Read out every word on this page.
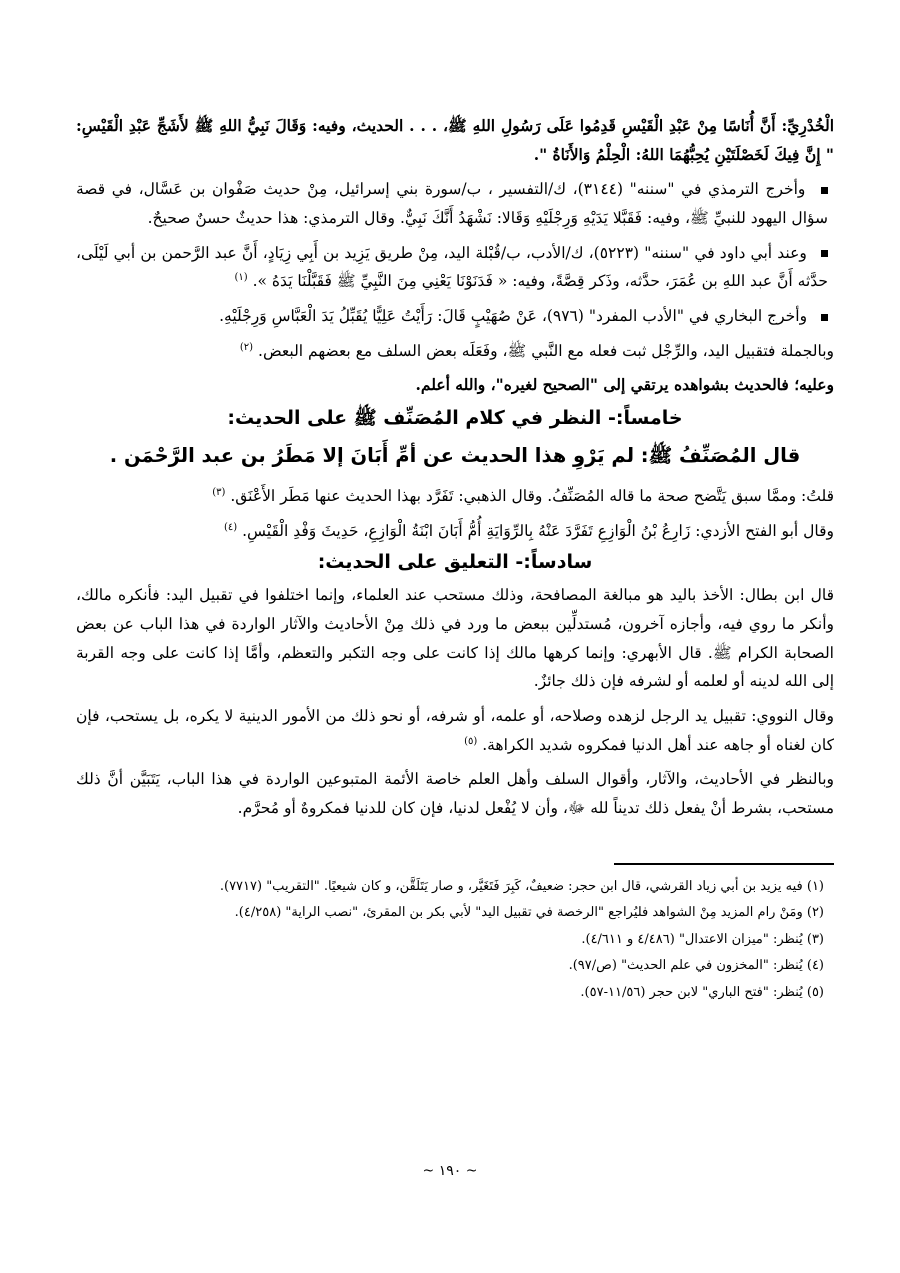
الْخُدْرِيِّ: أَنَّ أُنَاسًا مِنْ عَبْدِ الْقَيْسِ قَدِمُوا عَلَى رَسُولِ اللهِ ﷺ، . . . الحديث، وفيه: وَقَالَ نَبِيُّ اللهِ ﷺ لأَشَجِّ عَبْدِ الْقَيْسِ: " إِنَّ فِيكَ لَخَصْلَتَيْنِ يُحِبُّهُمَا اللهُ: الْحِلْمُ وَالأَنَاةُ ".

وأخرج الترمذي في "سننه" (٣١٤٤)، ك/التفسير ، ب/سورة بني إسرائيل، مِنْ حديث صَفْوان بن عَسَّال، في قصة سؤال اليهود للنبيِّ ﷺ، وفيه: فَقَبَّلا يَدَيْهِ وَرِجْلَيْهِ وَقَالا: نَشْهَدُ أَنَّكَ نَبِيٌّ. وقال الترمذي: هذا حديثٌ حسنٌ صحيحٌ.

وعند أبي داود في "سننه" (٥٢٢٣)، ك/الأدب، ب/قُبْلة اليد، مِنْ طريق يَزِيد بن أَبِي زِيَادٍ، أَنَّ عبد الرَّحمن بن أبي لَيْلَى، حدَّثه أَنَّ عبد اللهِ بن عُمَرَ، حدَّثه، وذَكر قِصَّةً، وفيه: « فَدَنَوْنَا يَعْنِي مِنَ النَّبِيِّ ﷺ فَقَبَّلْنَا يَدَهُ ». $^{(١)}$

وأخرج البخاري في "الأدب المفرد" (٩٧٦)، عَنْ صُهَيْبٍ قَالَ: رَأَيْتُ عَلِيًّا يُقَبِّلُ يَدَ الْعَبَّاسِ وَرِجْلَيْهِ.

وبالجملة فتقبيل اليد، والرِّجْل ثبت فعله مع النَّبي ﷺ، وفَعَلَه بعض السلف مع بعضهم البعض. $^{(٢)}$

وعليه؛ فالحديث بشواهده يرتقي إلى "الصحيح لغيره"، والله أعلم.

خامساً:- النظر في كلام المُصَنِّف ﷺ على الحديث:
قال المُصَنِّفُ ﷺ: لم يَرْوِ هذا الحديث عن أمِّ أَبَانَ إلا مَطَرُ بن عبد الرَّحْمَن .

قلتُ: وممَّا سبق يَتَّضح صحة ما قاله المُصَنِّفُ. وقال الذهبي: تَفَرَّد بهذا الحديث عنها مَطَر الأَعْنَق. $^{(٣)}$

وقال أبو الفتح الأزدي: زَارِعُ بْنُ الْوَازِعِ تَفَرَّدَ عَنْهُ بِالرِّوَايَةِ أُمُّ أَبَانَ ابْنَةُ الْوَازِعِ، حَدِيثَ وَفْدِ الْقَيْسِ. $^{(٤)}$

سادساً:- التعليق على الحديث:

قال ابن بطال: الأخذ باليد هو مبالغة المصافحة، وذلك مستحب عند العلماء، وإنما اختلفوا في تقبيل اليد: فأنكره مالك، وأنكر ما روي فيه، وأجازه آخرون، مُستدلِّين ببعض ما ورد في ذلك مِنْ الأحاديث والآثار الواردة في هذا الباب عن بعض الصحابة الكرام ﷺ. قال الأبهري: وإنما كرهها مالك إذا كانت على وجه التكبر والتعظم، وأمَّا إذا كانت على وجه القربة إلى الله لدينه أو لعلمه أو لشرفه فإن ذلك جائزٌ.

وقال النووي: تقبيل يد الرجل لزهده وصلاحه، أو علمه، أو شرفه، أو نحو ذلك من الأمور الدينية لا يكره، بل يستحب، فإن كان لغناه أو جاهه عند أهل الدنيا فمكروه شديد الكراهة. $^{(٥)}$

وبالنظر في الأحاديث، والآثار، وأقوال السلف وأهل العلم خاصة الأئمة المتبوعين الواردة في هذا الباب، يَتَبَيَّن أنَّ ذلك مستحب، بشرط أنْ يفعل ذلك تديناً لله ﷻ، وأن لا يُفْعل لدنيا، فإن كان للدنيا فمكروهٌ أو مُحرَّم.

(١) فيه يزيد بن أبي زياد القرشي، قال ابن حجر: ضعيفٌ، كَبِرَ فَتَغَيَّر، و صار يَتَلَقَّن، و كان شيعيًا. "التقريب" (٧٧١٧).
(٢) ومَنْ رام المزيد مِنْ الشواهد فليُراجع "الرخصة في تقبيل اليد" لأبي بكر بن المقرئ، "نصب الراية" (٤/٢٥٨).
(٣) يُنظر: "ميزان الاعتدال" (٤/٤٨٦ و ٤/٦١١).
(٤) يُنظر: "المخزون في علم الحديث" (ص/٩٧).
(٥) يُنظر: "فتح الباري" لابن حجر (١١/٥٦-٥٧).
~ ١٩٠ ~
